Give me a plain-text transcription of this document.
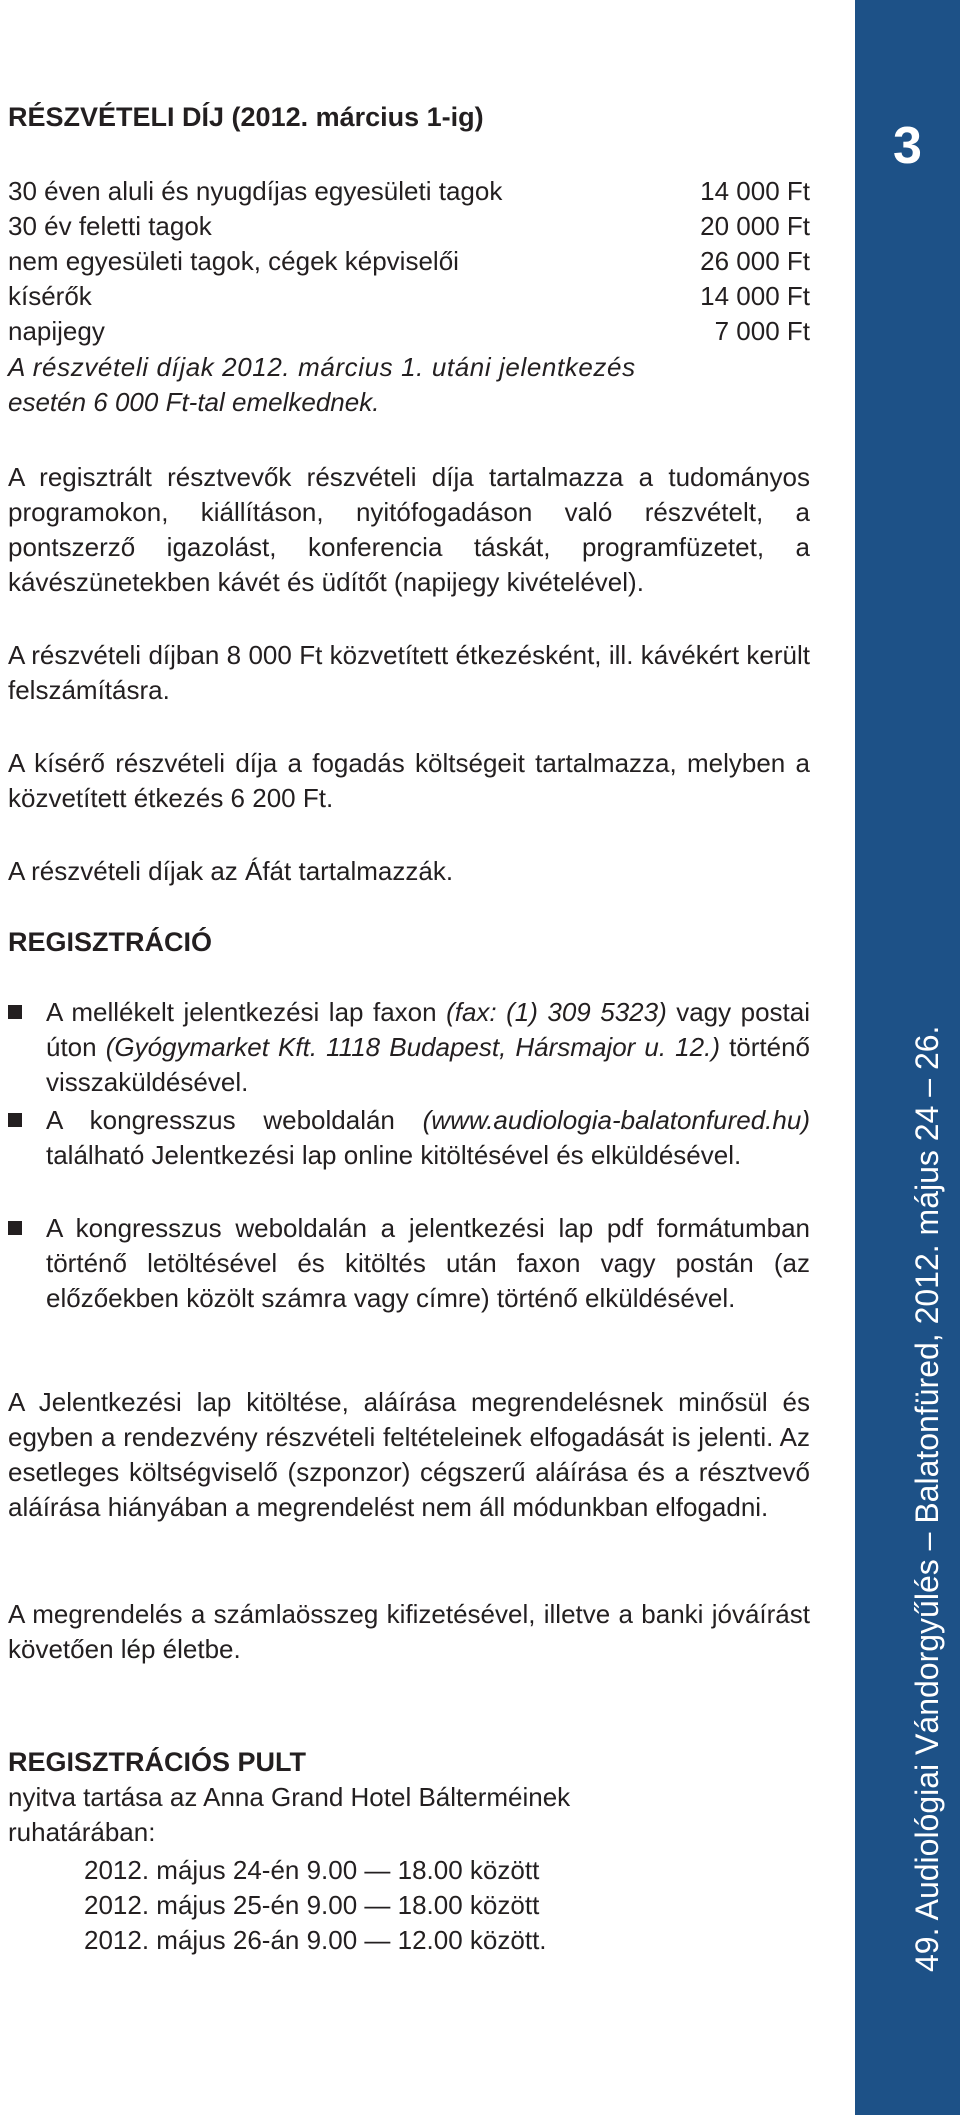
RÉSZVÉTELI DÍJ (2012. március 1-ig)
30 éven aluli és nyugdíjas egyesületi tagok	14 000 Ft
30 év feletti tagok	20 000 Ft
nem egyesületi tagok, cégek képviselői	26 000 Ft
kísérők	14 000 Ft
napijegy	7 000 Ft
A részvételi díjak 2012. március 1. utáni jelentkezés
esetén 6 000 Ft-tal emelkednek.
A regisztrált résztvevők részvételi díja tartalmazza a tudományos programokon, kiállításon, nyitófogadáson való részvételt, a pontszerző igazolást, konferencia táskát, programfüzetet, a kávészünetekben kávét és üdítőt (napijegy kivételével).
A részvételi díjban 8 000 Ft közvetített étkezésként, ill. kávékért került felszámításra.
A kísérő részvételi díja a fogadás költségeit tartalmazza, melyben a közvetített étkezés 6 200 Ft.
A részvételi díjak az Áfát tartalmazzák.
REGISZTRÁCIÓ
A mellékelt jelentkezési lap faxon (fax: (1) 309 5323) vagy postai úton (Gyógymarket Kft. 1118 Budapest, Hársmajor u. 12.) történő visszaküldésével.
A kongresszus weboldalán (www.audiologia-balatonfured.hu) található Jelentkezési lap online kitöltésével és elküldésével.
A kongresszus weboldalán a jelentkezési lap pdf formátumban történő letöltésével és kitöltés után faxon vagy postán (az előzőekben közölt számra vagy címre) történő elküldésével.
A Jelentkezési lap kitöltése, aláírása megrendelésnek minősül és egyben a rendezvény részvételi feltételeinek elfogadását is jelenti. Az esetleges költségviselő (szponzor) cégszerű aláírása és a résztvevő aláírása hiányában a megrendelést nem áll módunkban elfogadni.
A megrendelés a számlaösszeg kifizetésével, illetve a banki jóváírást követően lép életbe.
REGISZTRÁCIÓS PULT
nyitva tartása az Anna Grand Hotel Bálterméinek
ruhatárában:
2012. május 24-én 9.00 — 18.00 között
2012. május 25-én 9.00 — 18.00 között
2012. május 26-án 9.00 — 12.00 között.
3
49. Audiológiai Vándorgyűlés – Balatonfüred, 2012. május 24 – 26.
